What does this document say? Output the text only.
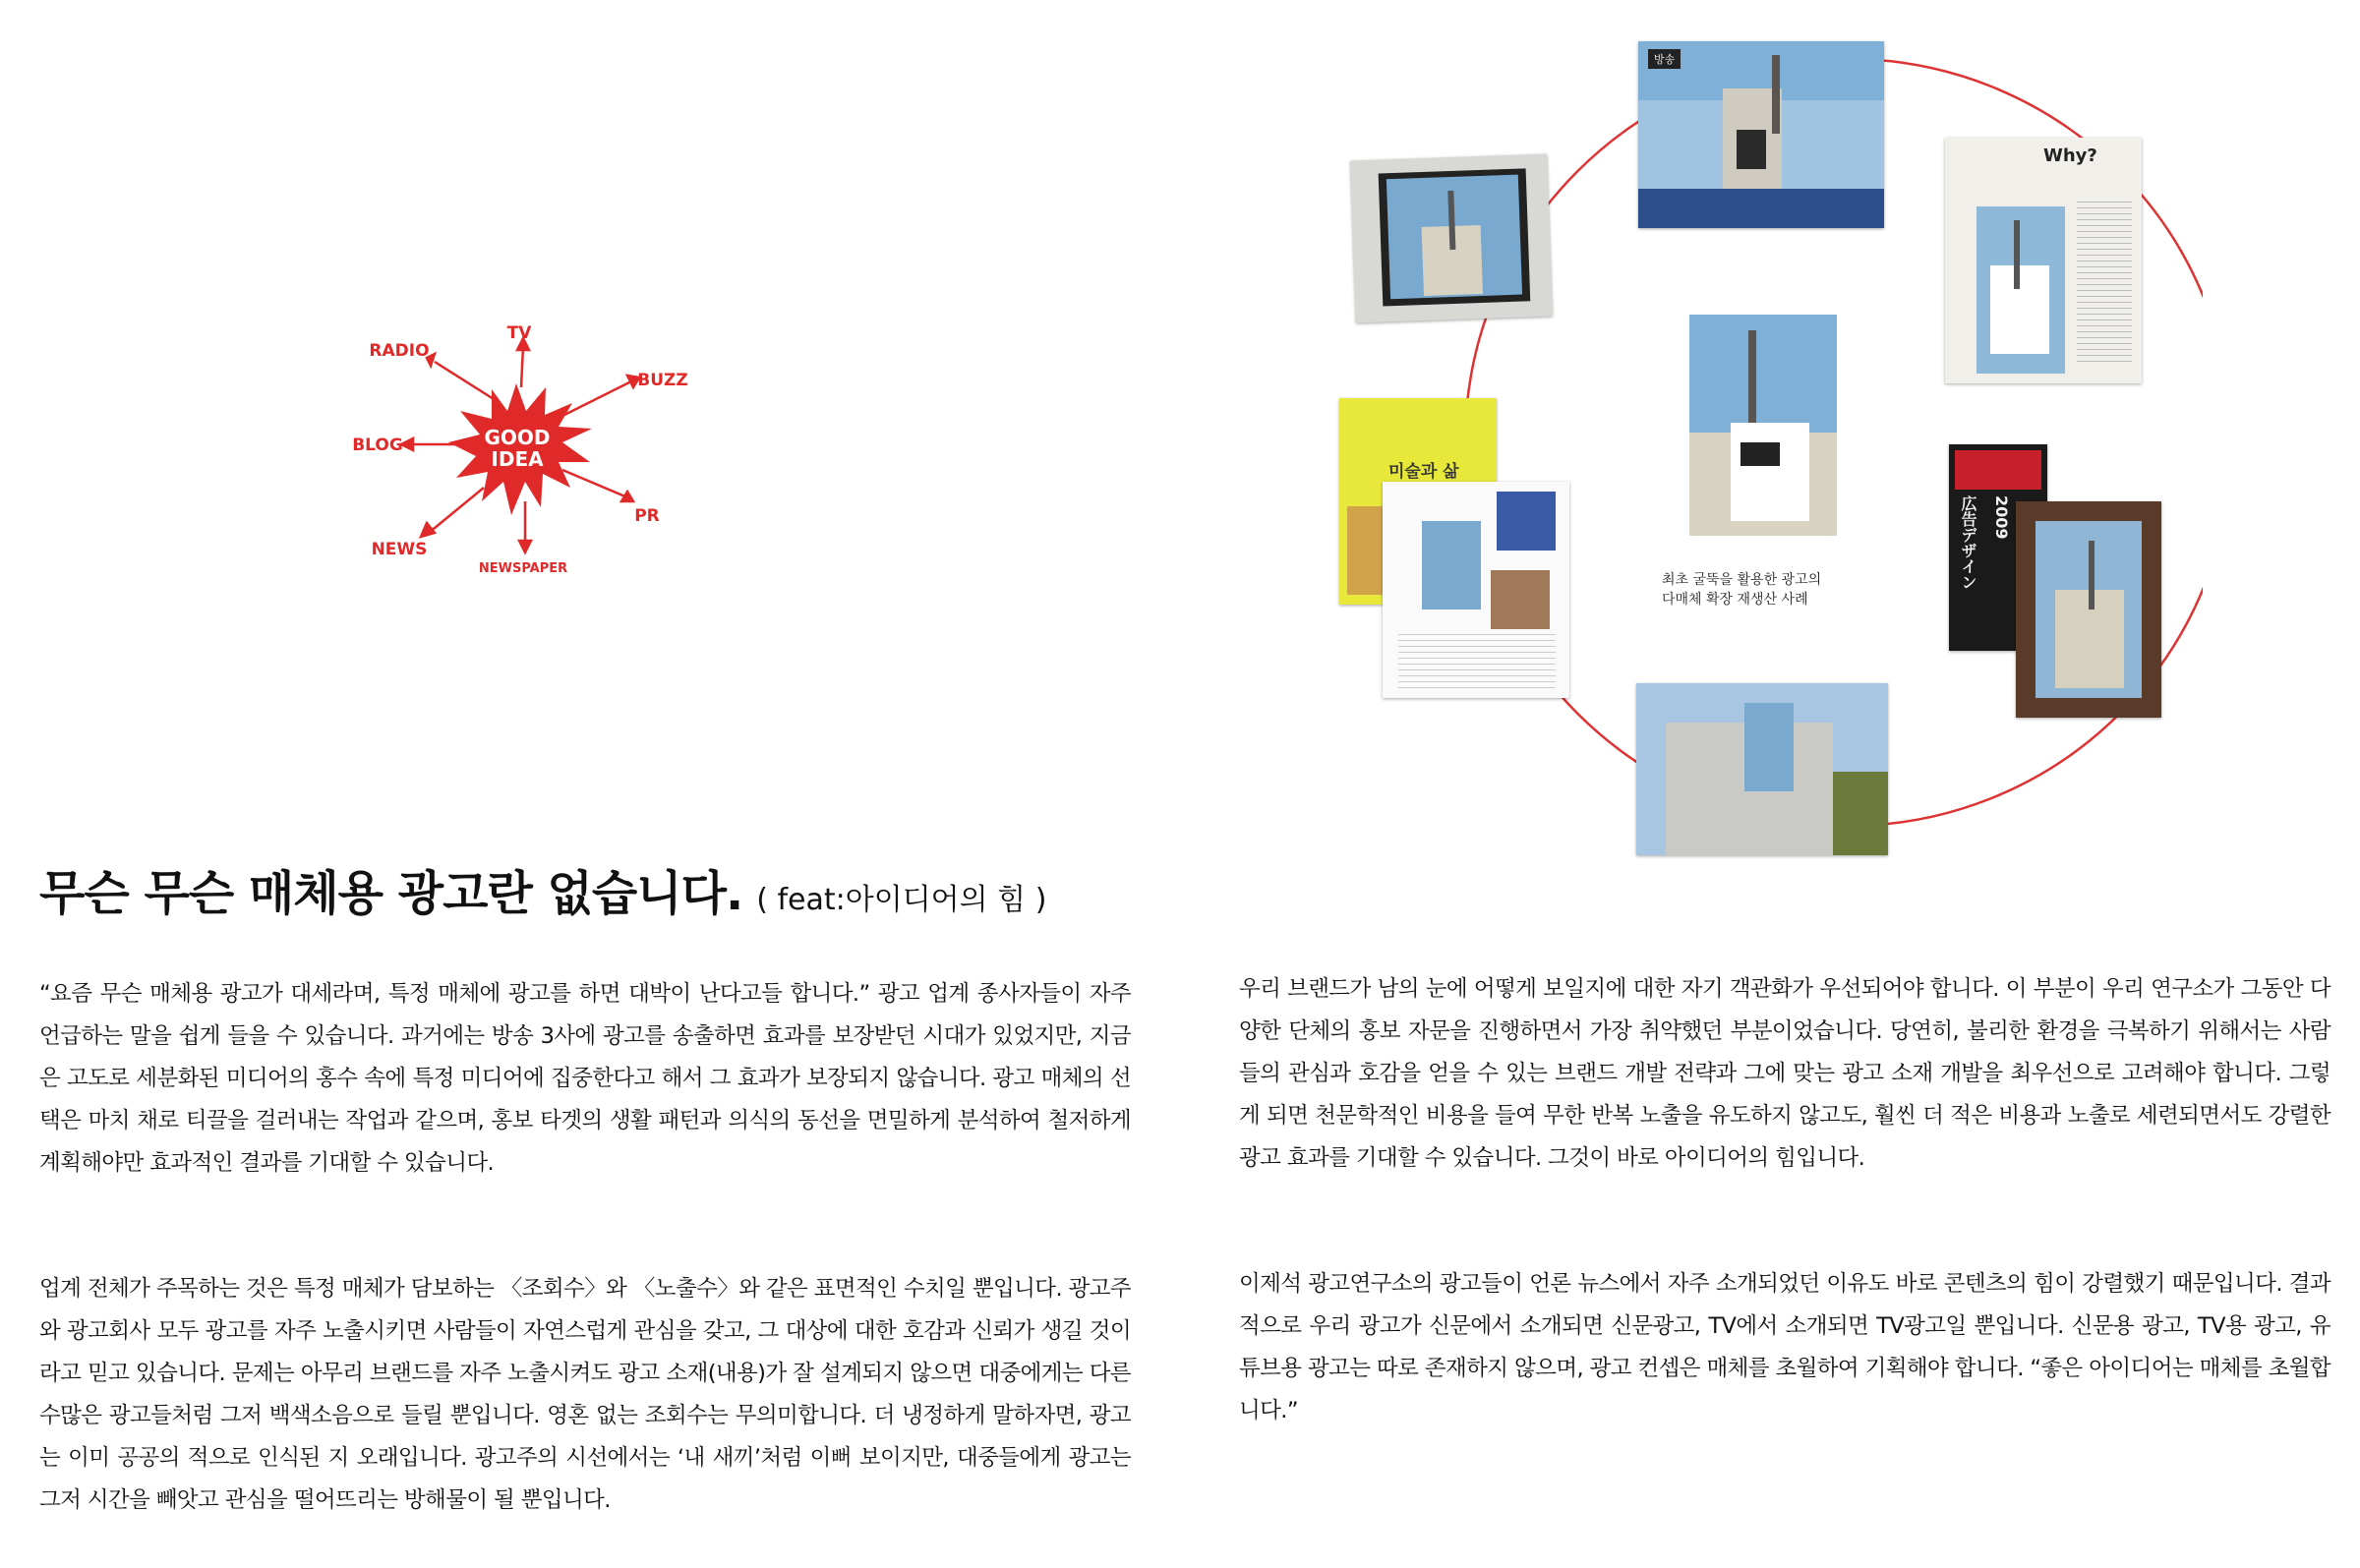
TV
RADIO
BUZZ
BLOG
PR
NEWS
NEWSPAPER
GOOD
IDEA
방송
Why?
미술과 삶
広告デザイン 2009
최초 굴뚝을 활용한 광고의
다매체 확장 재생산 사례
무슨 무슨 매체용 광고란 없습니다. ( feat:아이디어의 힘 )
“요즘 무슨 매체용 광고가 대세라며, 특정 매체에 광고를 하면 대박이 난다고들 합니다.” 광고 업계 종사자들이 자주 언급하는 말을 쉽게 들을 수 있습니다. 과거에는 방송 3사에 광고를 송출하면 효과를 보장받던 시대가 있었지만, 지금은 고도로 세분화된 미디어의 홍수 속에 특정 미디어에 집중한다고 해서 그 효과가 보장되지 않습니다. 광고 매체의 선택은 마치 채로 티끌을 걸러내는 작업과 같으며, 홍보 타겟의 생활 패턴과 의식의 동선을 면밀하게 분석하여 철저하게 계획해야만 효과적인 결과를 기대할 수 있습니다.
업계 전체가 주목하는 것은 특정 매체가 담보하는 〈조회수〉와 〈노출수〉와 같은 표면적인 수치일 뿐입니다. 광고주와 광고회사 모두 광고를 자주 노출시키면 사람들이 자연스럽게 관심을 갖고, 그 대상에 대한 호감과 신뢰가 생길 것이라고 믿고 있습니다. 문제는 아무리 브랜드를 자주 노출시켜도 광고 소재(내용)가 잘 설계되지 않으면 대중에게는 다른 수많은 광고들처럼 그저 백색소음으로 들릴 뿐입니다. 영혼 없는 조회수는 무의미합니다. 더 냉정하게 말하자면, 광고는 이미 공공의 적으로 인식된 지 오래입니다. 광고주의 시선에서는 ‘내 새끼’처럼 이뻐 보이지만, 대중들에게 광고는 그저 시간을 빼앗고 관심을 떨어뜨리는 방해물이 될 뿐입니다.
우리 브랜드가 남의 눈에 어떻게 보일지에 대한 자기 객관화가 우선되어야 합니다. 이 부분이 우리 연구소가 그동안 다양한 단체의 홍보 자문을 진행하면서 가장 취약했던 부분이었습니다. 당연히, 불리한 환경을 극복하기 위해서는 사람들의 관심과 호감을 얻을 수 있는 브랜드 개발 전략과 그에 맞는 광고 소재 개발을 최우선으로 고려해야 합니다. 그렇게 되면 천문학적인 비용을 들여 무한 반복 노출을 유도하지 않고도, 훨씬 더 적은 비용과 노출로 세련되면서도 강렬한 광고 효과를 기대할 수 있습니다. 그것이 바로 아이디어의 힘입니다.
이제석 광고연구소의 광고들이 언론 뉴스에서 자주 소개되었던 이유도 바로 콘텐츠의 힘이 강렬했기 때문입니다. 결과적으로 우리 광고가 신문에서 소개되면 신문광고, TV에서 소개되면 TV광고일 뿐입니다. 신문용 광고, TV용 광고, 유튜브용 광고는 따로 존재하지 않으며, 광고 컨셉은 매체를 초월하여 기획해야 합니다. “좋은 아이디어는 매체를 초월합니다.”
